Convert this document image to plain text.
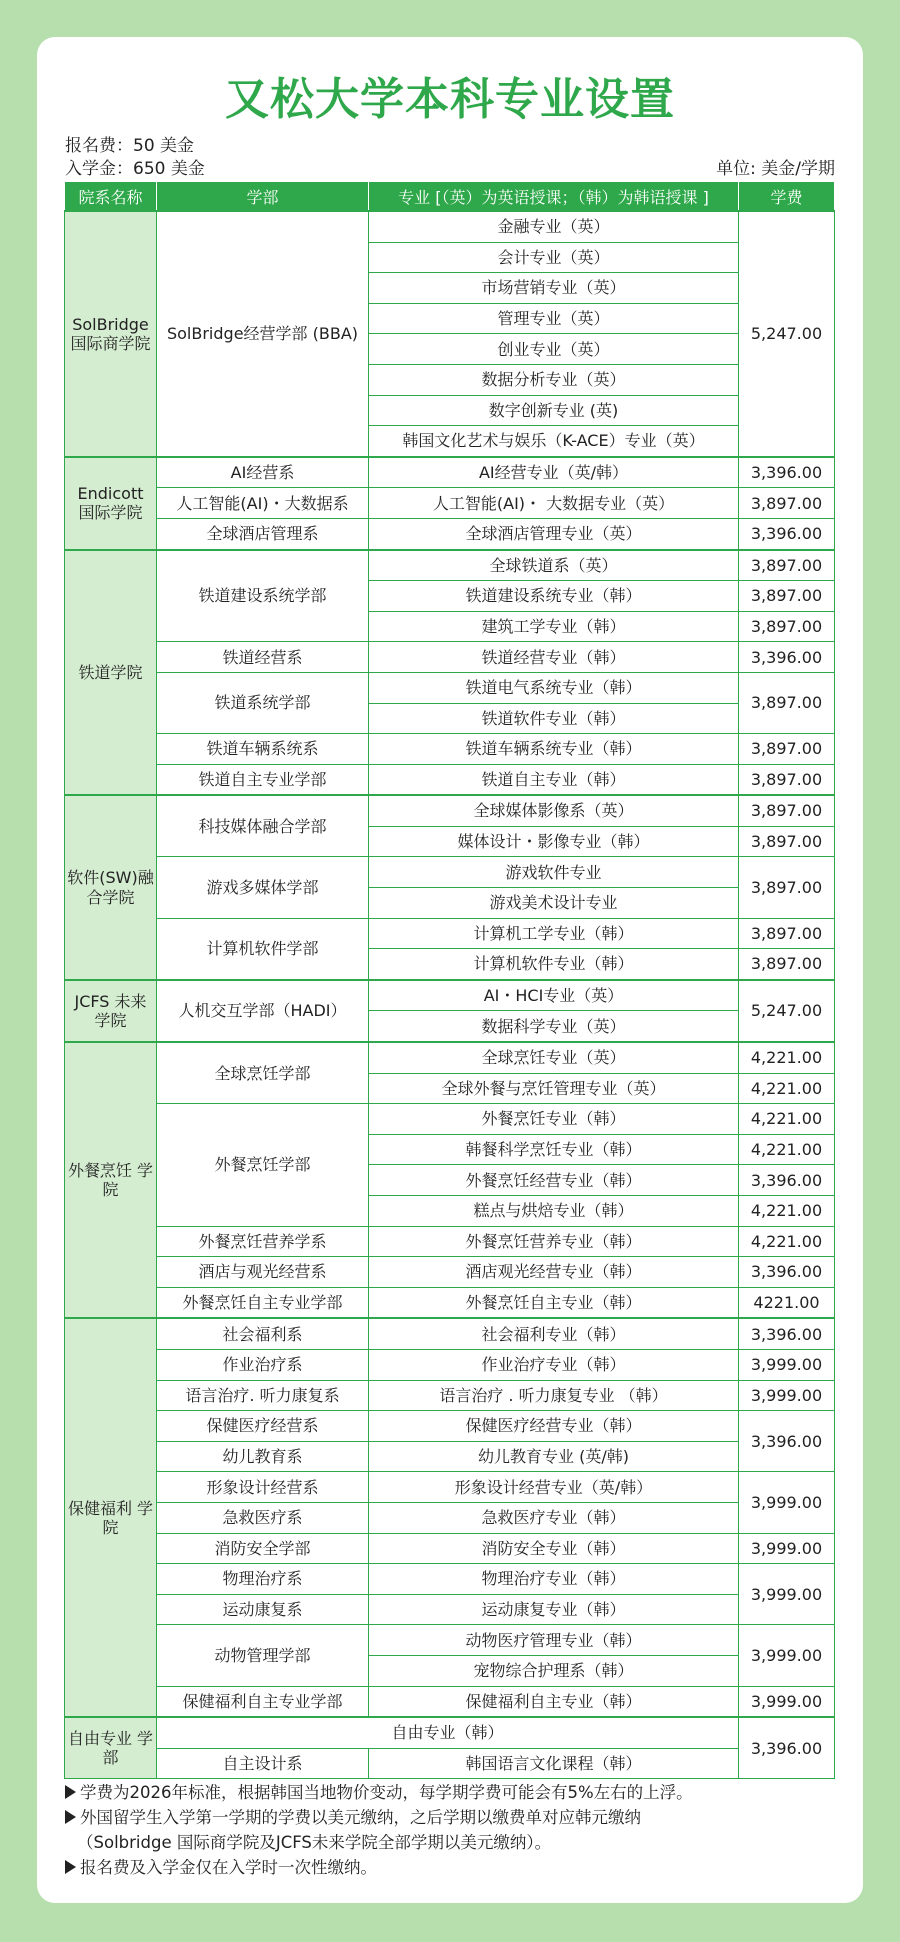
又松大学本科专业设置
报名费：50 美金
入学金：650 美金	单位: 美金/学期
院系名称	学部	专业 [（英）为英语授课；（韩）为韩语授课 ]	学费
SolBridge 国际商学院	SolBridge经营学部 (BBA)	金融专业（英）	5,247.00
		会计专业（英）	
		市场营销专业（英）	
		管理专业（英）	
		创业专业（英）	
		数据分析专业（英）	
		数字创新专业 (英)	
		韩国文化艺术与娱乐（K-ACE）专业（英）	
Endicott 国际学院	AI经营系	AI经营专业（英/韩）	3,396.00
	人工智能(AI)・大数据系	人工智能(AI)・ 大数据专业（英）	3,897.00
	全球酒店管理系	全球酒店管理专业（英）	3,396.00
铁道学院	铁道建设系统学部	全球铁道系（英）	3,897.00
		铁道建设系统专业（韩）	3,897.00
		建筑工学专业（韩）	3,897.00
	铁道经营系	铁道经营专业（韩）	3,396.00
	铁道系统学部	铁道电气系统专业（韩）	3,897.00
		铁道软件专业（韩）	
	铁道车辆系统系	铁道车辆系统专业（韩）	3,897.00
	铁道自主专业学部	铁道自主专业（韩）	3,897.00
软件(SW)融合学院	科技媒体融合学部	全球媒体影像系（英）	3,897.00
		媒体设计・影像专业（韩）	3,897.00
	游戏多媒体学部	游戏软件专业	3,897.00
		游戏美术设计专业	
	计算机软件学部	计算机工学专业（韩）	3,897.00
		计算机软件专业（韩）	3,897.00
JCFS 未来学院	人机交互学部（HADI）	AI・HCI专业（英）	5,247.00
		数据科学专业（英）	
外餐烹饪 学院	全球烹饪学部	全球烹饪专业（英）	4,221.00
		全球外餐与烹饪管理专业（英）	4,221.00
	外餐烹饪学部	外餐烹饪专业（韩）	4,221.00
		韩餐科学烹饪专业（韩）	4,221.00
		外餐烹饪经营专业（韩）	3,396.00
		糕点与烘焙专业（韩）	4,221.00
	外餐烹饪营养学系	外餐烹饪营养专业（韩）	4,221.00
	酒店与观光经营系	酒店观光经营专业（韩）	3,396.00
	外餐烹饪自主专业学部	外餐烹饪自主专业（韩）	4221.00
保健福利 学院	社会福利系	社会福利专业（韩）	3,396.00
	作业治疗系	作业治疗专业（韩）	3,999.00
	语言治疗. 听力康复系	语言治疗 . 听力康复专业 （韩）	3,999.00
	保健医疗经营系	保健医疗经营专业（韩）	3,396.00
	幼儿教育系	幼儿教育专业 (英/韩)	
	形象设计经营系	形象设计经营专业（英/韩）	3,999.00
	急救医疗系	急救医疗专业（韩）	
	消防安全学部	消防安全专业（韩）	3,999.00
	物理治疗系	物理治疗专业（韩）	3,999.00
	运动康复系	运动康复专业（韩）	
	动物管理学部	动物医疗管理专业（韩）	3,999.00
		宠物综合护理系（韩）	
	保健福利自主专业学部	保健福利自主专业（韩）	3,999.00
自由专业 学部	自由专业（韩）		3,396.00
	自主设计系	韩国语言文化课程（韩）	
学费为2026年标准，根据韩国当地物价变动，每学期学费可能会有5%左右的上浮。
外国留学生入学第一学期的学费以美元缴纳，之后学期以缴费单对应韩元缴纳
（Solbridge 国际商学院及JCFS未来学院全部学期以美元缴纳）。
报名费及入学金仅在入学时一次性缴纳。
